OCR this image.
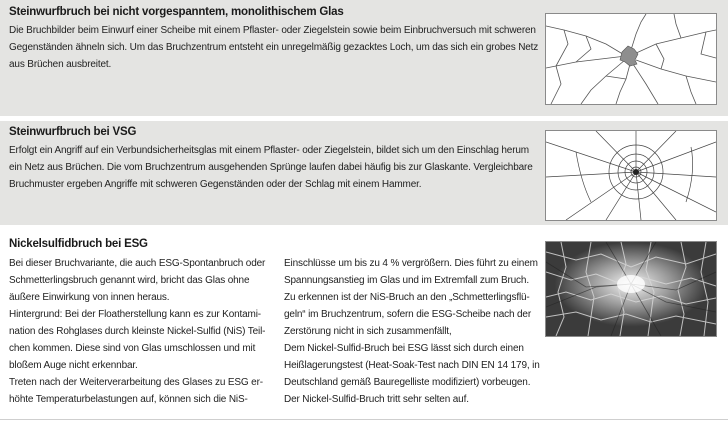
Steinwurfbruch bei nicht vorgespanntem, monolithischem Glas

Die Bruchbilder beim Einwurf einer Scheibe mit einem Pflaster- oder Ziegelstein sowie beim Einbruchversuch mit schweren

Gegenständen ähneln sich. Um das Bruchzentrum entsteht ein unregelmäßig gezacktes Loch, um das sich ein grobes Netz

aus Brüchen ausbreitet.

Steinwurfbruch bei VSG

Erfolgt ein Angriff auf ein Verbundsicherheitsglas mit einem Pflaster- oder Ziegelstein, bildet sich um den Einschlag herum

ein Netz aus Brüchen. Die vom Bruchzentrum ausgehenden Sprünge laufen dabei häufig bis zur Glaskante. Vergleichbare

Bruchmuster ergeben Angriffe mit schweren Gegenständen oder der Schlag mit einem Hammer.

Nickelsulfidbruch bei ESG

Bei dieser Bruchvariante, die auch ESG-Spontanbruch oder

Schmetterlingsbruch genannt wird, bricht das Glas ohne

äußere Einwirkung von innen heraus.

Hintergrund: Bei der Floatherstellung kann es zur Kontami-

nation des Rohglases durch kleinste Nickel-Sulfid (NiS) Teil-

chen kommen. Diese sind von Glas umschlossen und mit

bloßem Auge nicht erkennbar.

Treten nach der Weiterverarbeitung des Glases zu ESG er-

höhte Temperaturbelastungen auf, können sich die NiS-

Einschlüsse um bis zu 4 % vergrößern. Dies führt zu einem

Spannungsanstieg im Glas und im Extremfall zum Bruch.

Zu erkennen ist der NiS-Bruch an den „Schmetterlingsflü-

geln“ im Bruchzentrum, sofern die ESG-Scheibe nach der

Zerstörung nicht in sich zusammenfällt,

Dem Nickel-Sulfid-Bruch bei ESG lässt sich durch einen

Heißlagerungstest (Heat-Soak-Test nach DIN EN 14 179, in

Deutschland gemäß Bauregelliste modifiziert) vorbeugen.

Der Nickel-Sulfid-Bruch tritt sehr selten auf.
